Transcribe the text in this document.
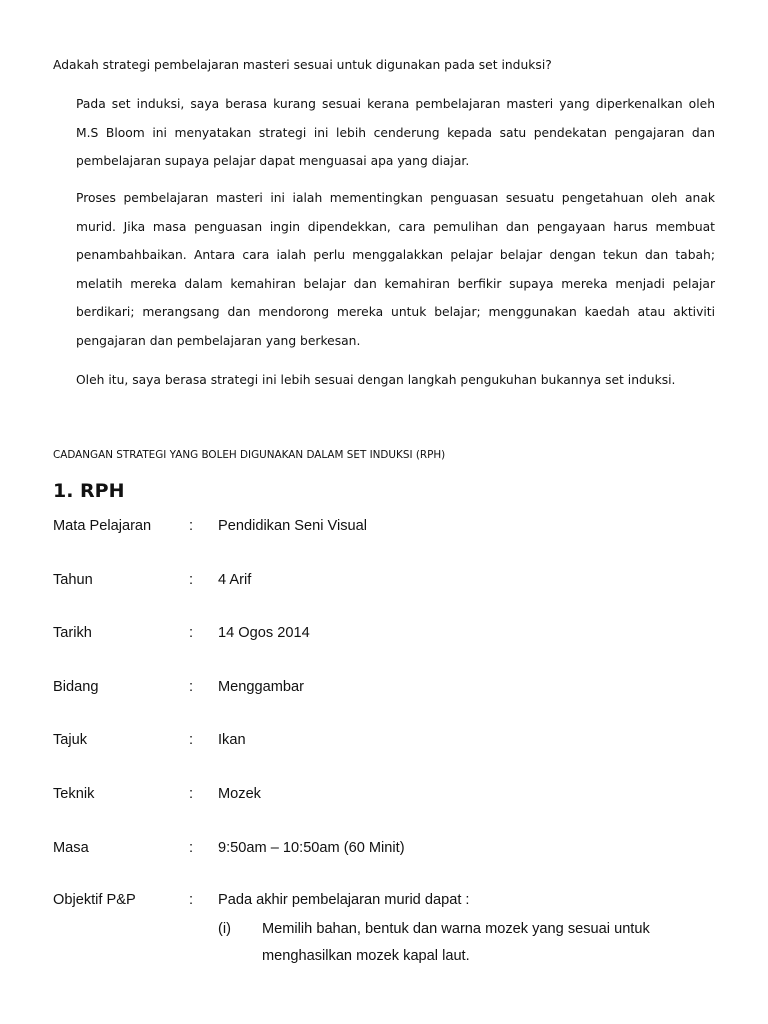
Adakah strategi pembelajaran masteri sesuai untuk digunakan pada set induksi?

Pada set induksi, saya berasa kurang sesuai kerana pembelajaran masteri yang diperkenalkan oleh M.S Bloom ini menyatakan strategi ini lebih cenderung kepada satu pendekatan pengajaran dan pembelajaran supaya pelajar dapat menguasai apa yang diajar.

Proses pembelajaran masteri ini ialah mementingkan penguasan sesuatu pengetahuan oleh anak murid. Jika masa penguasan ingin dipendekkan, cara pemulihan dan pengayaan harus membuat penambahbaikan. Antara cara ialah perlu menggalakkan pelajar belajar dengan tekun dan tabah; melatih mereka dalam kemahiran belajar dan kemahiran berfikir supaya mereka menjadi pelajar berdikari; merangsang dan mendorong mereka untuk belajar; menggunakan kaedah atau aktiviti pengajaran dan pembelajaran yang berkesan.

Oleh itu, saya berasa strategi ini lebih sesuai dengan langkah pengukuhan bukannya set induksi.

CADANGAN STRATEGI YANG BOLEH DIGUNAKAN DALAM SET INDUKSI (RPH)

1. RPH

Mata Pelajaran	: Pendidikan Seni Visual
Tahun	: 4 Arif
Tarikh	: 14 Ogos 2014
Bidang	: Menggambar
Tajuk	: Ikan
Teknik	: Mozek
Masa	: 9:50am – 10:50am (60 Minit)
Objektif P&P	: Pada akhir pembelajaran murid dapat :
(i) Memilih bahan, bentuk dan warna mozek yang sesuai untuk menghasilkan mozek kapal laut.
